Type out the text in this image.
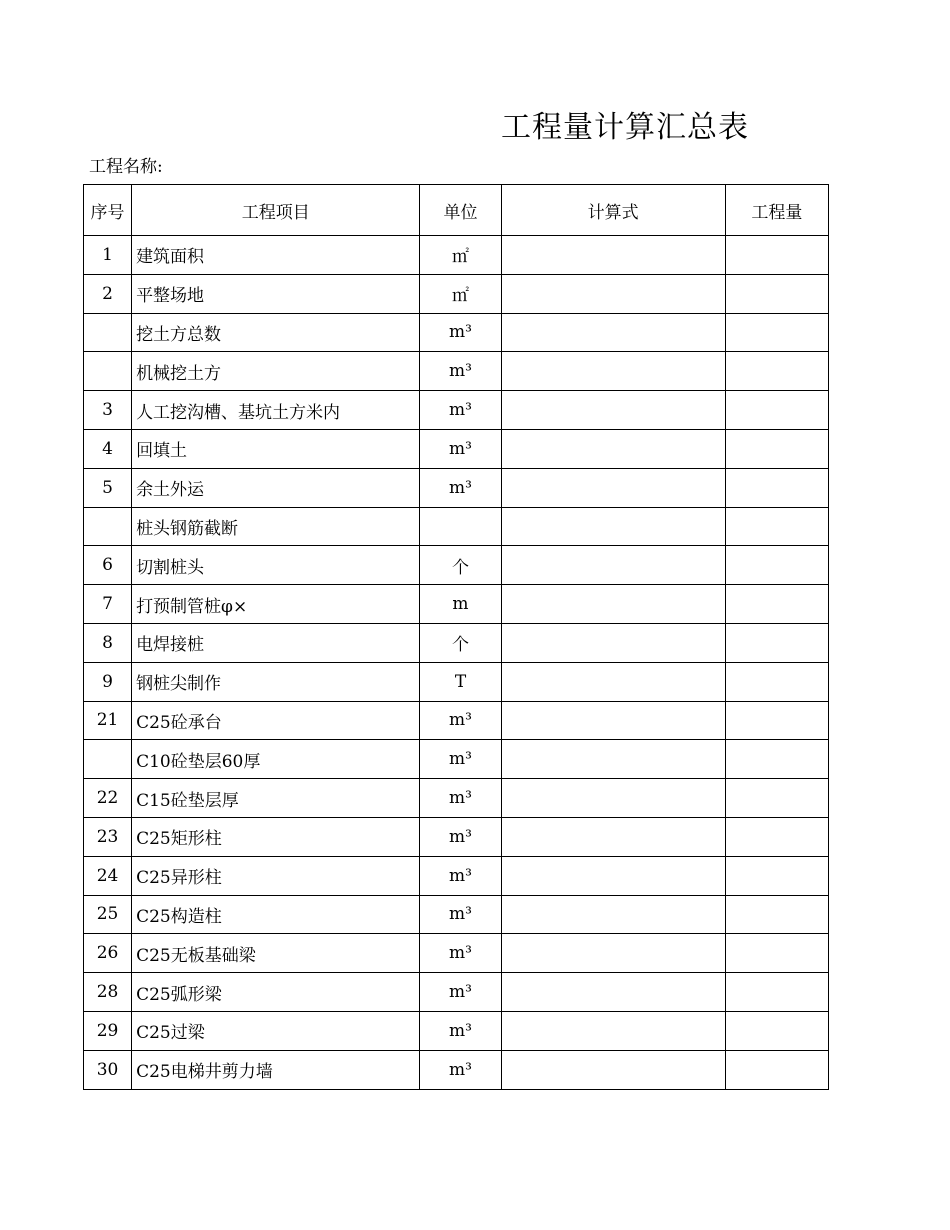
工程量计算汇总表
工程名称:
序号	工程项目	单位	计算式	工程量
1	建筑面积	㎡		
2	平整场地	㎡		
	挖土方总数	m³		
	机械挖土方	m³		
3	人工挖沟槽、基坑土方米内	m³		
4	回填土	m³		
5	余土外运	m³		
	桩头钢筋截断			
6	切割桩头	个		
7	打预制管桩φ×	m		
8	电焊接桩	个		
9	钢桩尖制作	T		
21	C25砼承台	m³		
	C10砼垫层60厚	m³		
22	C15砼垫层厚	m³		
23	C25矩形柱	m³		
24	C25异形柱	m³		
25	C25构造柱	m³		
26	C25无板基础梁	m³		
28	C25弧形梁	m³		
29	C25过梁	m³		
30	C25电梯井剪力墙	m³		
